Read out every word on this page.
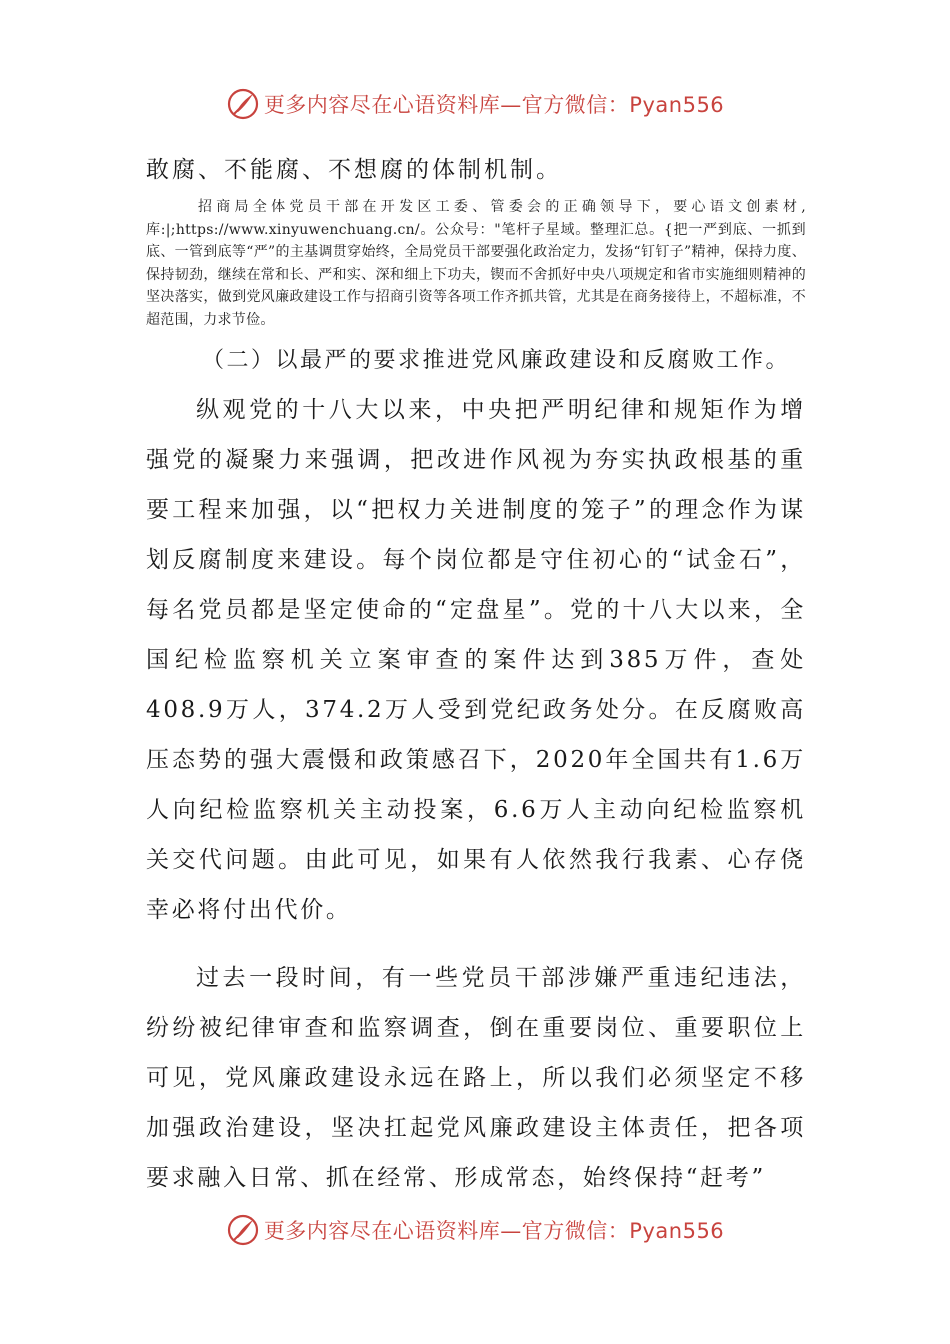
更多内容尽在心语资料库—官方微信：Pyan556

敢腐、不能腐、不想腐的体制机制。

招商局全体党员干部在开发区工委、管委会的正确领导下，要心语文创素材,库:|;https://www.xinyuwenchuang.cn/。公众号："笔杆子星域。整理汇总。{把一严到底、一抓到底、一管到底等“严”的主基调贯穿始终，全局党员干部要强化政治定力，发扬“钉钉子”精神，保持力度、保持韧劲，继续在常和长、严和实、深和细上下功夫，锲而不舍抓好中央八项规定和省市实施细则精神的坚决落实，做到党风廉政建设工作与招商引资等各项工作齐抓共管，尤其是在商务接待上，不超标准，不超范围，力求节俭。

（二）以最严的要求推进党风廉政建设和反腐败工作。

纵观党的十八大以来，中央把严明纪律和规矩作为增强党的凝聚力来强调，把改进作风视为夯实执政根基的重要工程来加强，以“把权力关进制度的笼子”的理念作为谋划反腐制度来建设。每个岗位都是守住初心的“试金石”，每名党员都是坚定使命的“定盘星”。党的十八大以来，全国纪检监察机关立案审查的案件达到385万件，查处408.9万人，374.2万人受到党纪政务处分。在反腐败高压态势的强大震慑和政策感召下，2020年全国共有1.6万人向纪检监察机关主动投案，6.6万人主动向纪检监察机关交代问题。由此可见，如果有人依然我行我素、心存侥幸必将付出代价。

过去一段时间，有一些党员干部涉嫌严重违纪违法，纷纷被纪律审查和监察调查，倒在重要岗位、重要职位上可见，党风廉政建设永远在路上，所以我们必须坚定不移加强政治建设，坚决扛起党风廉政建设主体责任，把各项要求融入日常、抓在经常、形成常态，始终保持“赶考”

更多内容尽在心语资料库—官方微信：Pyan556
